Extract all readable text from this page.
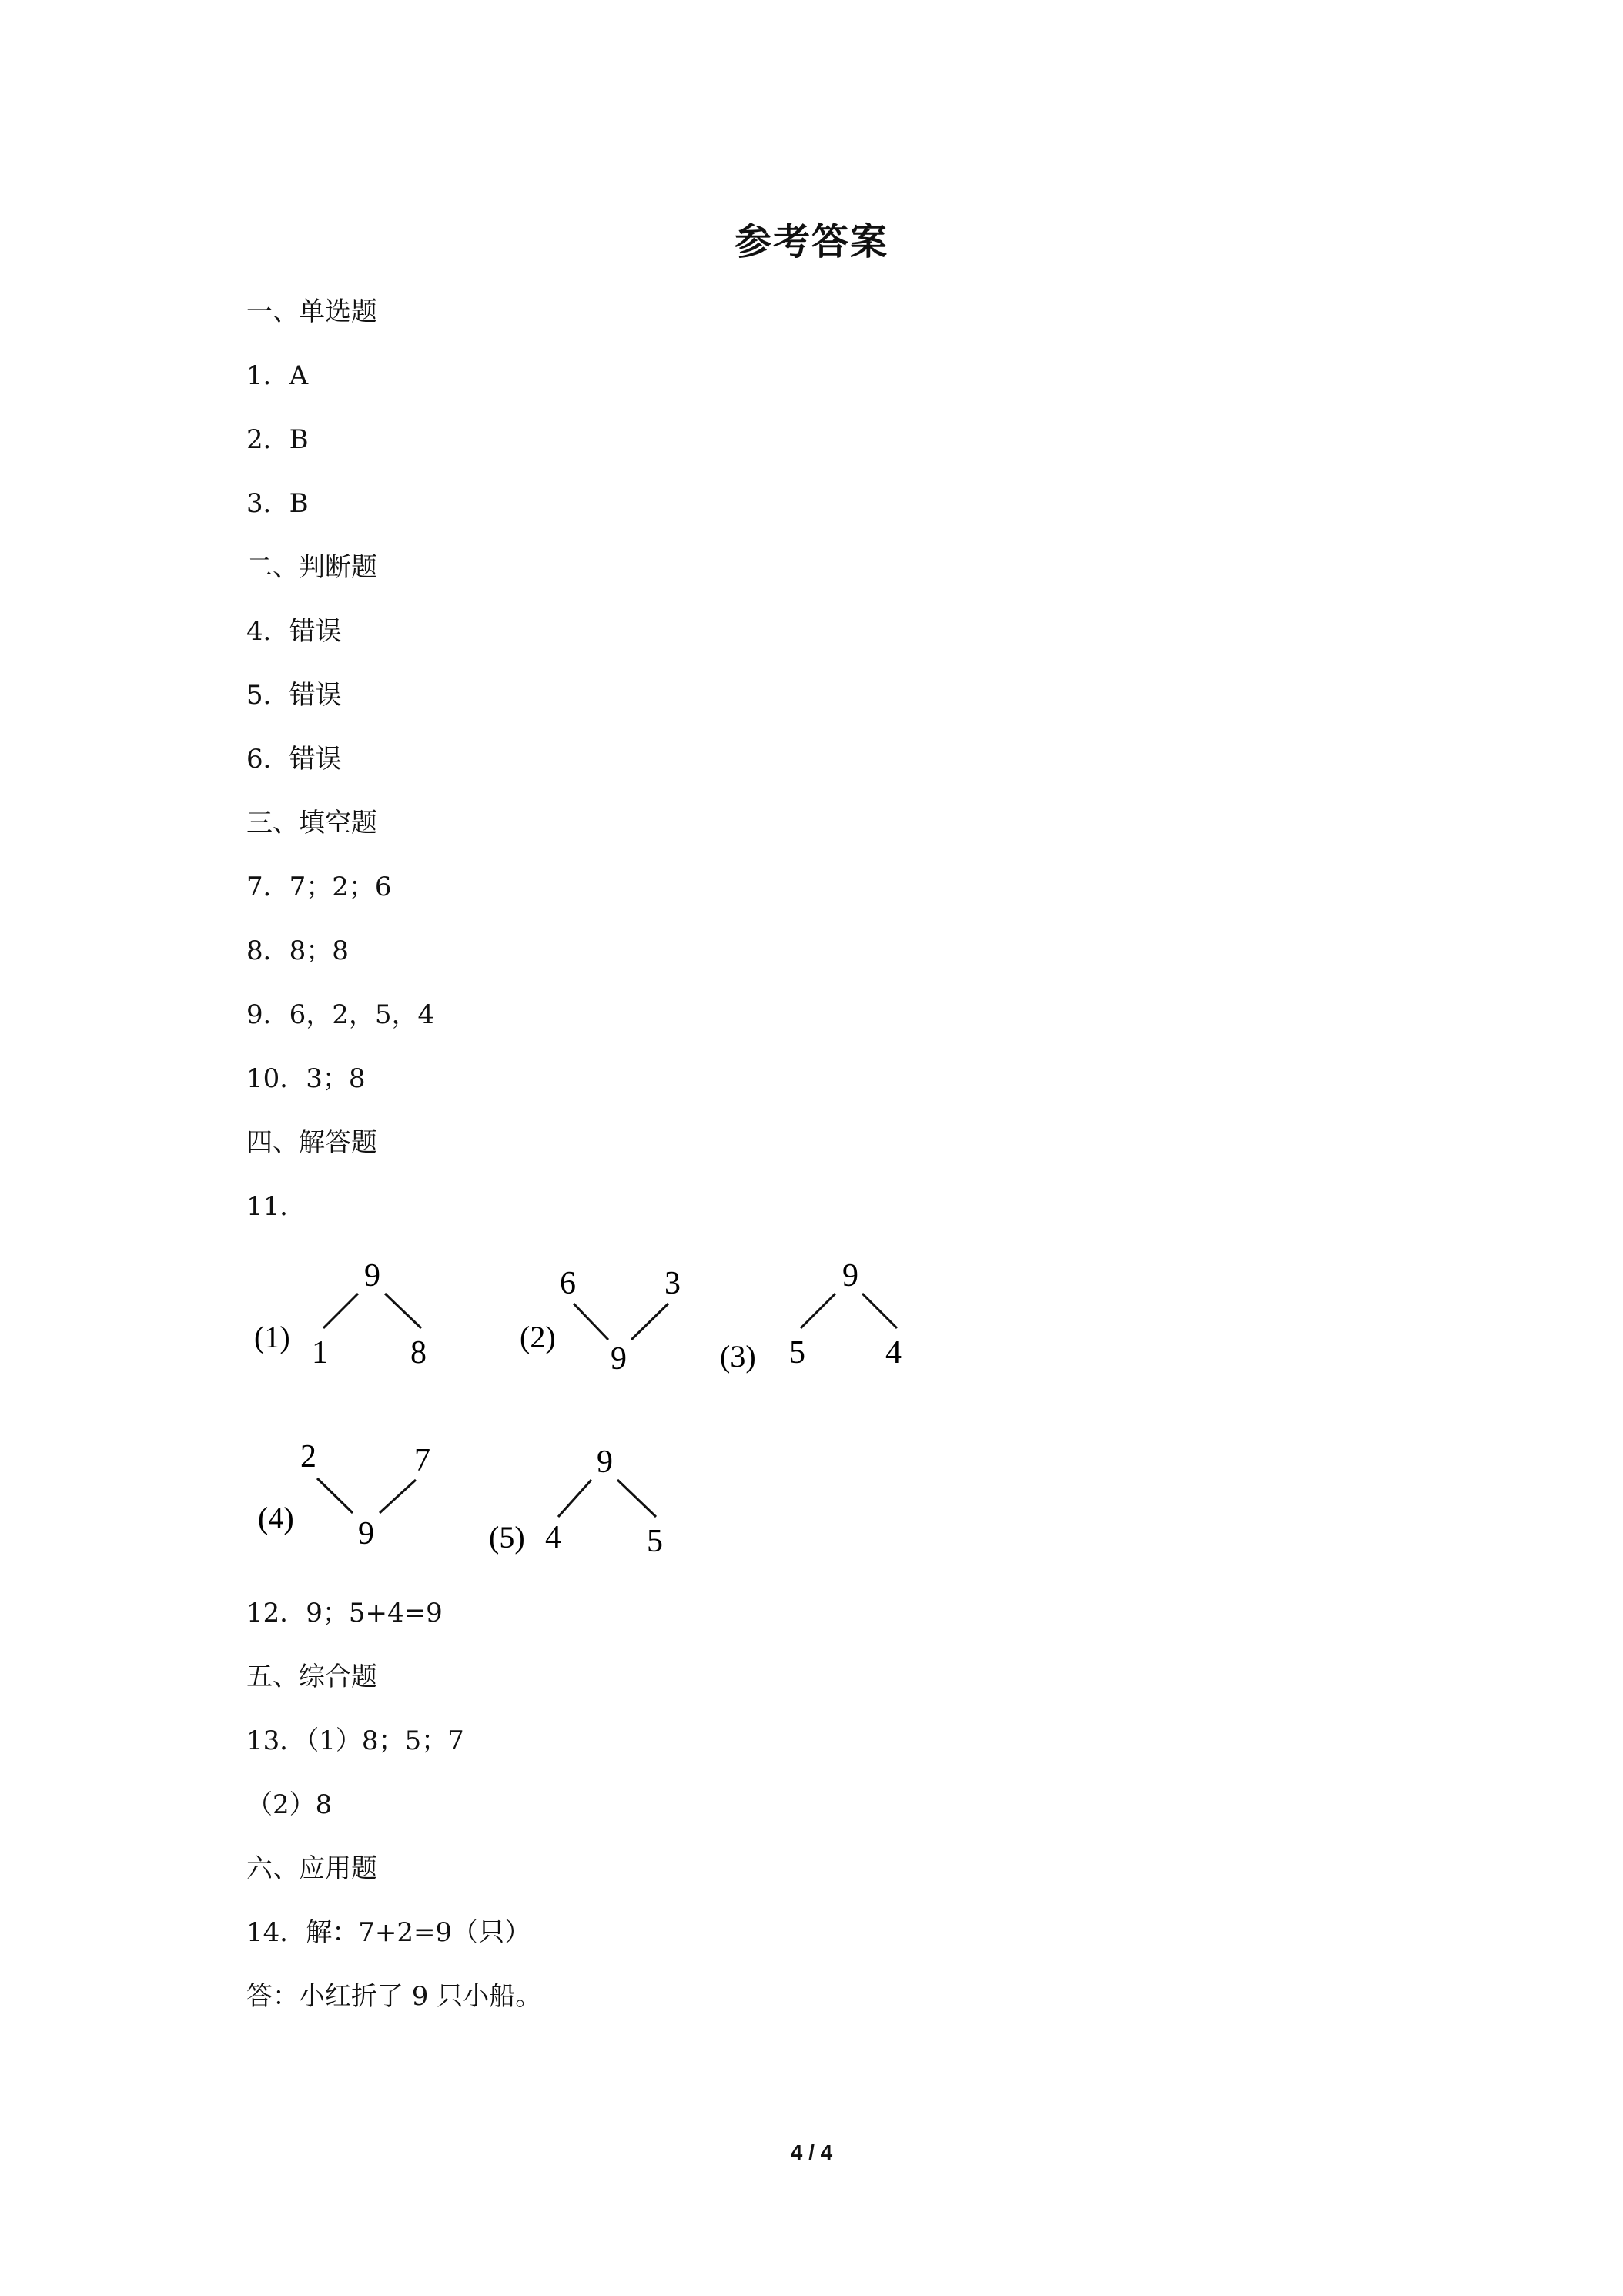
参考答案
一、单选题
1．A
2．B
3．B
二、判断题
4．错误
5．错误
6．错误
三、填空题
7．7；2；6
8．8；8
9．6，2，5，4
10．3；8
四、解答题
11．
(1)
9
1	8	(2)
6	3
9	(3)
9
5 4
(4)
2	7
9	(5)
9
4	5
12．9；5+4=9
五、综合题
13．（1）8；5；7
（2）8
六、应用题
14．解：7+2=9（只）
答：小红折了 9 只小船。
4 / 4
